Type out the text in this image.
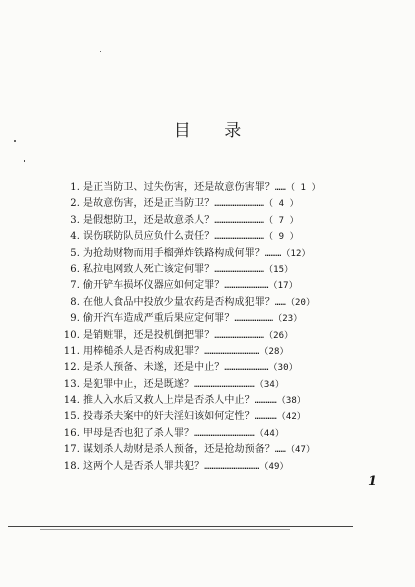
目 录
1. 是正当防卫、过失伤害，还是故意伤害罪？……（ 1 ）
2. 是故意伤害，还是正当防卫？………………………（ 4 ）
3. 是假想防卫，还是故意杀人？………………………（ 7 ）
4. 误伤联防队员应负什么责任？………………………（ 9 ）
5. 为抢劫财物而用手榴弹炸铁路构成何罪？………（12）
6. 私拉电网致人死亡该定何罪？………………………（15）
7. 偷开铲车损坏仪器应如何定罪？……………………（17）
8. 在他人食品中投放少量农药是否构成犯罪？……（20）
9. 偷开汽车造成严重后果应定何罪？…………………（23）
10. 是销赃罪，还是投机倒把罪？………………………（26）
11. 用棒槌杀人是否构成犯罪？…………………………（28）
12. 是杀人预备、未遂，还是中止？……………………（30）
13. 是犯罪中止，还是既遂？……………………………（34）
14. 推人入水后又救人上岸是否杀人中止？…………（38）
15. 投毒杀夫案中的奸夫淫妇该如何定性？…………（42）
16. 甲母是否也犯了杀人罪？……………………………（44）
17. 谋划杀人劫财是杀人预备，还是抢劫预备？……（47）
18. 这两个人是否杀人罪共犯？…………………………（49）
1
